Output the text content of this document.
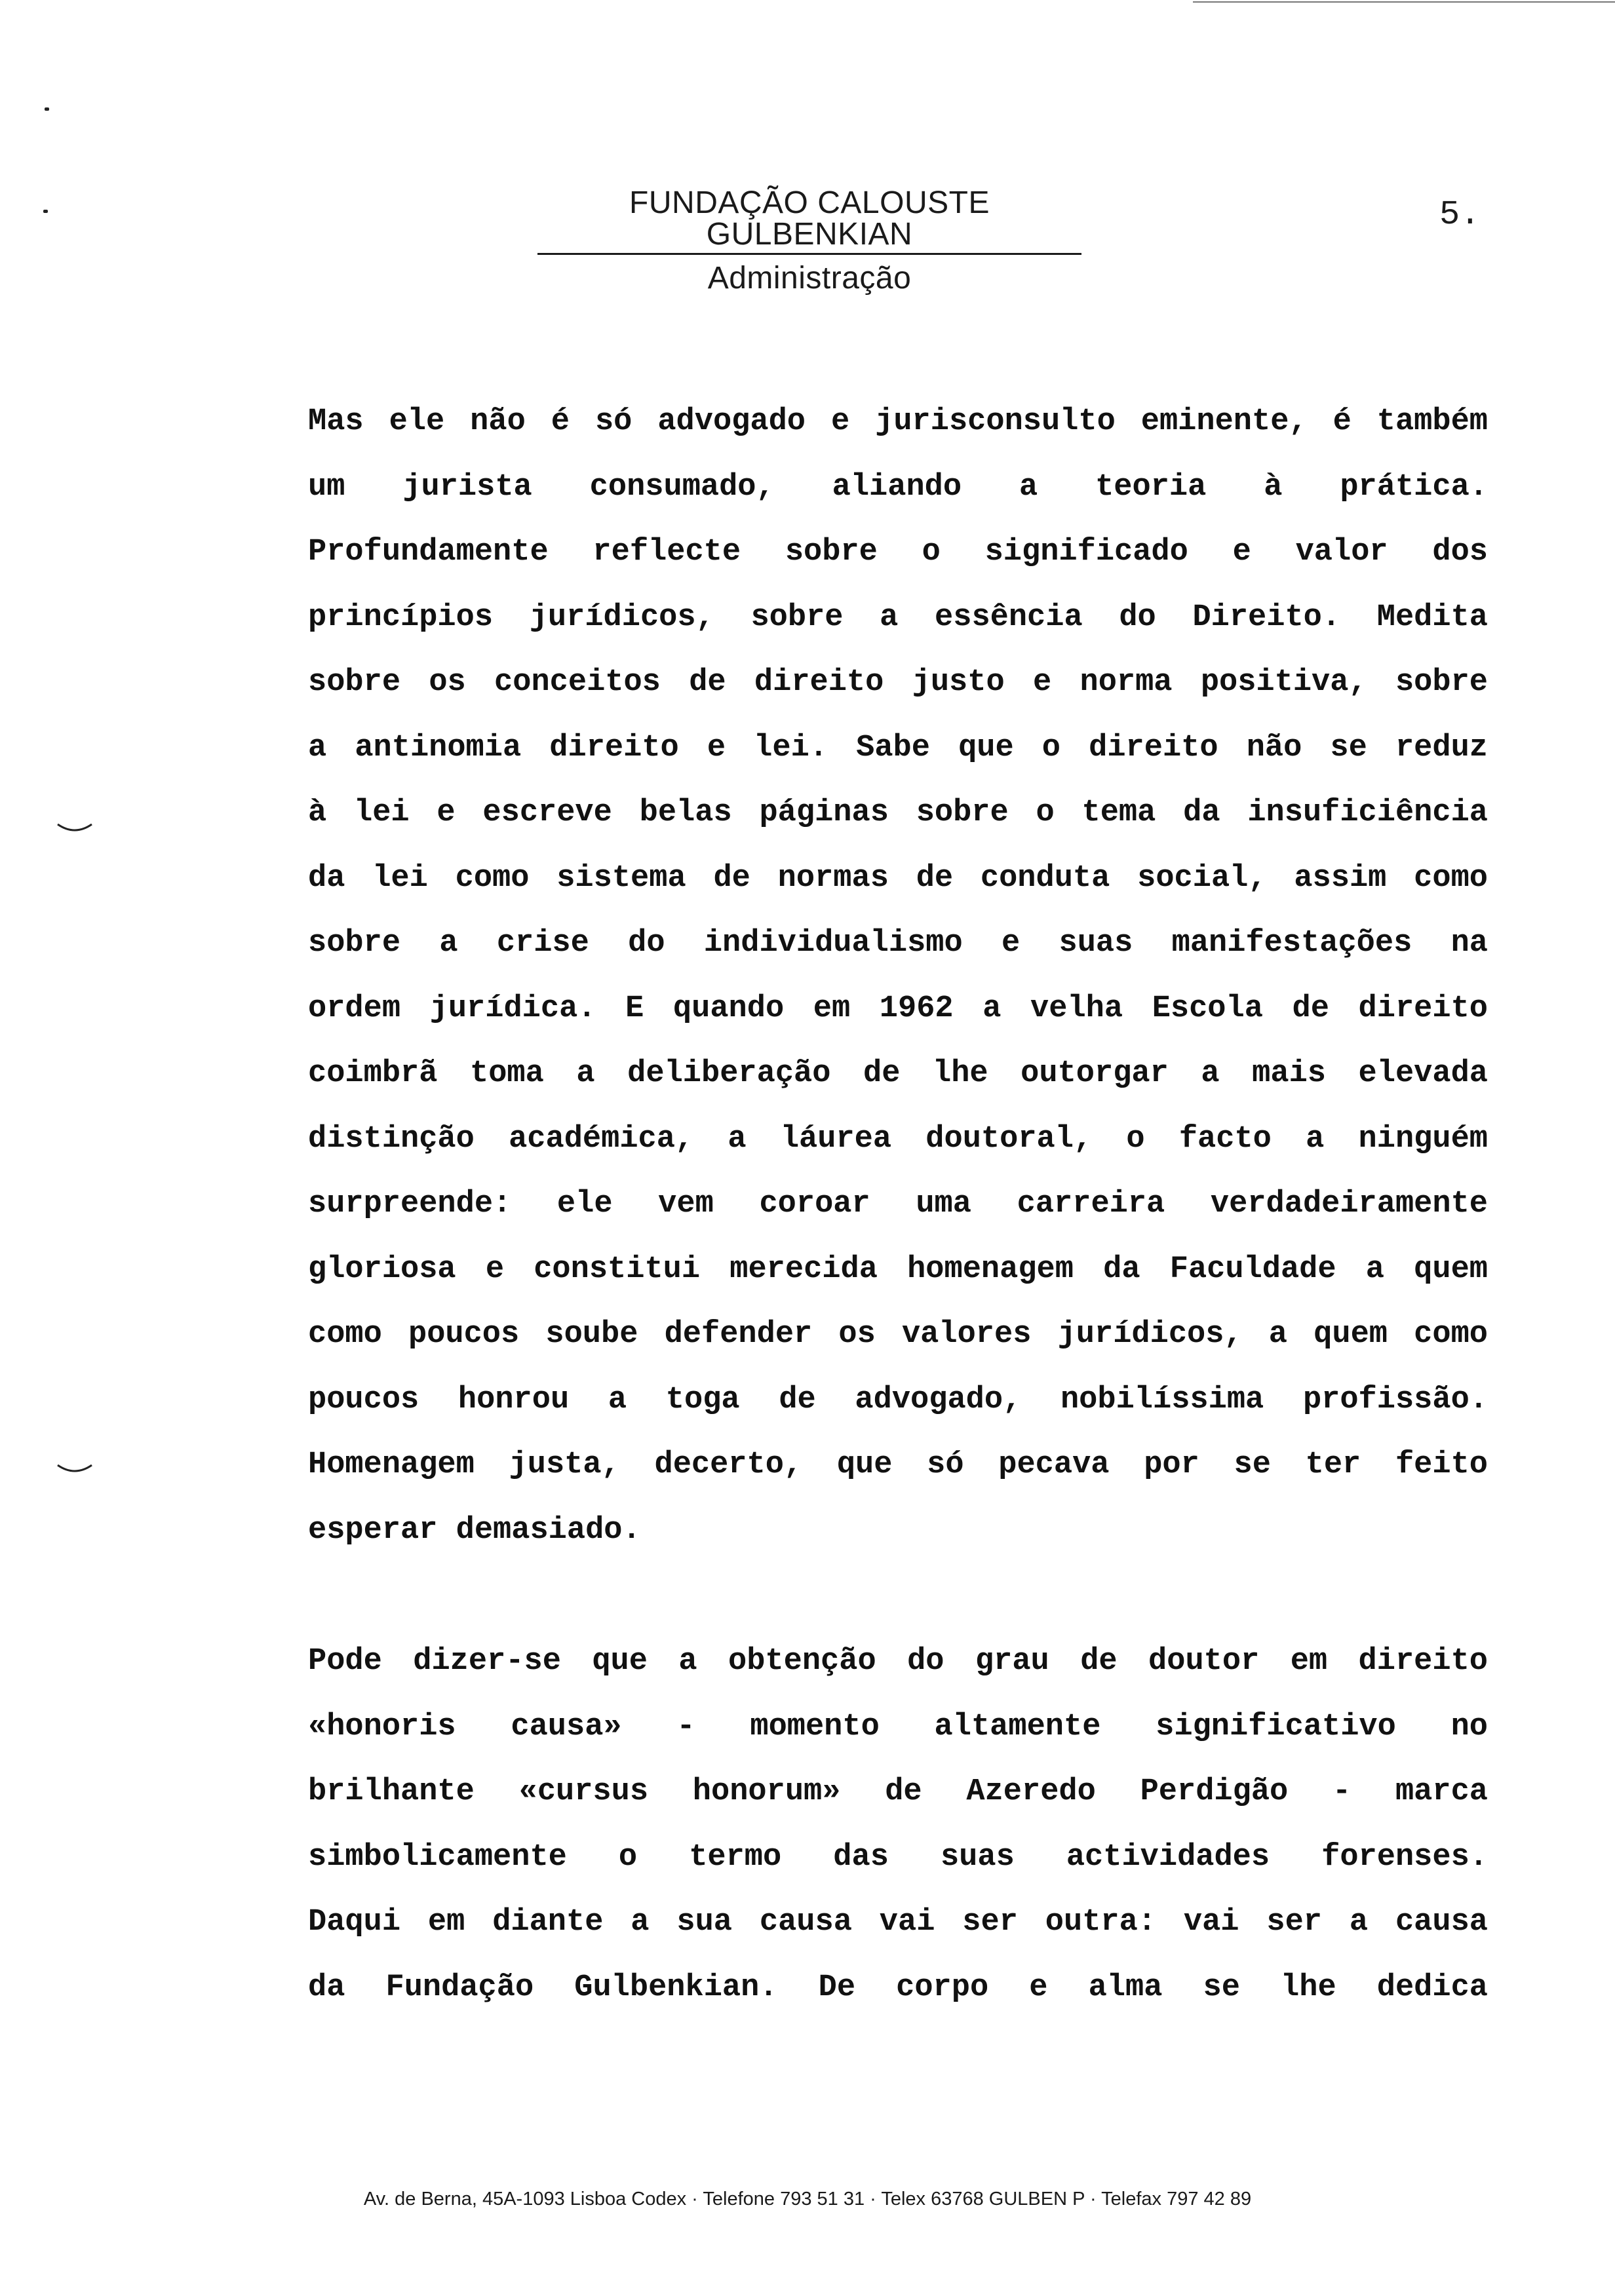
FUNDAÇÃO CALOUSTE GULBENKIAN
Administração
5.
Mas ele não é só advogado e jurisconsulto eminente, é também
um jurista consumado, aliando a teoria à prática.
Profundamente reflecte sobre o significado e valor dos
princípios jurídicos, sobre a essência do Direito. Medita
sobre os conceitos de direito justo e norma positiva, sobre
a antinomia direito e lei. Sabe que o direito não se reduz
à lei e escreve belas páginas sobre o tema da insuficiência
da lei como sistema de normas de conduta social, assim como
sobre a crise do individualismo e suas manifestações na
ordem jurídica. E quando em 1962 a velha Escola de direito
coimbrã toma a deliberação de lhe outorgar a mais elevada
distinção académica, a láurea doutoral, o facto a ninguém
surpreende: ele vem coroar uma carreira verdadeiramente
gloriosa e constitui merecida homenagem da Faculdade a quem
como poucos soube defender os valores jurídicos, a quem como
poucos honrou a toga de advogado, nobilíssima profissão.
Homenagem justa, decerto, que só pecava por se ter feito
esperar demasiado.
Pode dizer-se que a obtenção do grau de doutor em direito
«honoris causa» - momento altamente significativo no
brilhante «cursus honorum» de Azeredo Perdigão - marca
simbolicamente o termo das suas actividades forenses.
Daqui em diante a sua causa vai ser outra: vai ser a causa
da Fundação Gulbenkian. De corpo e alma se lhe dedica
Av. de Berna, 45A-1093 Lisboa Codex · Telefone 793 51 31 · Telex 63768 GULBEN P · Telefax 797 42 89
